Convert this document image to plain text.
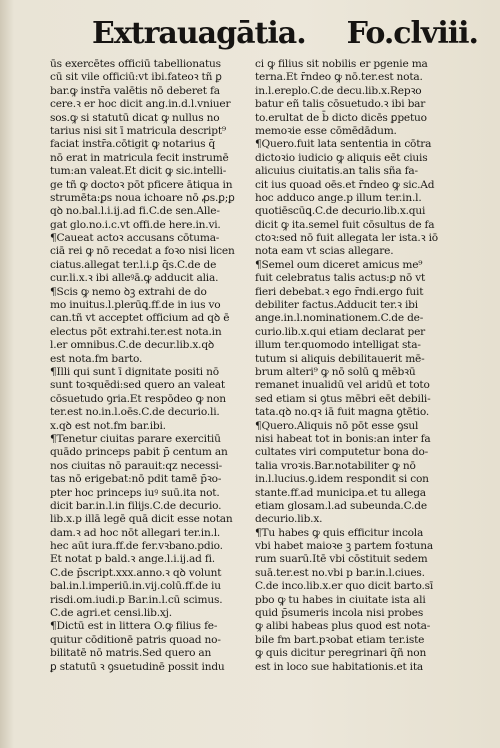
Extrauagātia. Fo.clviii.
ūs exercētes officiū tabellionatus
cū sit vile officiū:vt ibi.fateoꝛ tñ ꝑ
bar.ꝙ instr̄a valētis nō deberet fa
cere.ꝛ er hoc dicit ang.in.d.l.vniuer
sos.ꝙ si statutū dicat ꝙ nullus no
tarius nisi sit ī matricula descript⁹
faciat instr̄a.cōtigit ꝙ notarius q̄
nō erat in matricula fecit instrumē
tum:an valeat.Et dicit ꝙ sic.intelli-
ge tñ ꝙ doctoꝛ pōt pficere ātiqua in
strumēta:ꝑs noua ichoare nō ꝓs.ꝑ;ꝑ
qꝺ no.bal.l.i.ij.ad fi.C.de sen.Alle-
gat glo.no.i.c.vt offi.de here.in.vi.
¶Caueat actoꝛ accusans cōtuma-
ciā rei ꝙ nō recedat a foꝛo nisi licen
ciatus.allegat ter.l.i.ꝑ q̄s.C.de de
cur.li.x.ꝛ ibi alleꝰā.ꝙ adducit alia.
¶Scis ꝙ nemo ꝺꝫ extrahi de do
mo inuitus.l.plerūꝗ.ff.de in ius vo
can.tñ vt acceptet officium ad qꝺ ē
electus pōt extrahi.ter.est nota.in
l.er omnibus.C.de decur.lib.x.qꝺ
est nota.fm barto.
¶Illi qui sunt ī dignitate positi nō
sunt toꝛquēdi:sed quero an valeat
cōsuetudo ꝯria.Et respōdeo ꝙ non
ter.est no.in.l.oēs.C.de decurio.li.
x.qꝺ est not.fm bar.ibi.
¶Tenetur ciuitas parare exercitiū
quādo princeps pabit p̄ centum an
nos ciuitas nō parauit:qz necessi-
tas nō erigebat:nō pdit tamē p̄ꝛo-
pter hoc princeps iuꝰ suū.ita not.
dicit bar.in.l.in filijs.C.de decurio.
lib.x.p illā legē quā dicit esse notan
dam.ꝛ ad hoc nōt allegari ter.in.l.
hec aūt iura.ff.de fer.vꝛbano.pdio.
Et notat p bald.ꝛ ange.l.i.ij.ad fi.
C.de p̄script.xxx.anno.ꝛ qꝺ volunt
bal.in.l.imperiū.in.vij.colū.ff.de iu
risdi.om.iudi.p Bar.in.l.cū scimus.
C.de agri.et censi.lib.xj.
¶Dictū est in littera O.ꝙ filius fe-
quitur cōditionē patris quoad no-
bilitatē nō matris.Sed quero an
ꝑ statutū ꝛ ꝯsuetudinē possit indu
ci ꝙ filius sit nobilis er pgenie ma
terna.Et r̄ndeo ꝙ nō.ter.est nota.
in.l.ereplo.C.de decu.lib.x.Repꝛo
batur eñ talis cōsuetudo.ꝛ ibi bar
to.erultat de b̄ dicto dicēs ꝑpetuo
memoꝛie esse cōmēdādum.
¶Quero.fuit lata sententia in cōtra
dictoꝛio iudicio ꝙ aliquis eēt ciuis
alicuius ciuitatis.an talis sña fa-
cit ius quoad oēs.et r̄ndeo ꝙ sic.Ad
hoc adduco ange.p illum ter.in.l.
quotiēscūꝗ.C.de decurio.lib.x.qui
dicit ꝙ ita.semel fuit cōsultus de fa
ctoꝛ:sed nō fuit allegata ler ista.ꝛ iō
nota eam vt scias allegare.
¶Semel oum diceret amicus me⁹
fuit celebratus talis actus:ꝑ nō vt
fieri debebat.ꝛ ego r̄ndi.ergo fuit
debiliter factus.Adducit ter.ꝛ ibi
ange.in.l.nominationem.C.de de-
curio.lib.x.qui etiam declarat per
illum ter.quomodo intelligat sta-
tutum si aliquis debilitauerit mē-
brum alteri⁹ ꝙ nō solū ꝗ mēbꝛū
remanet inualidū vel aridū et toto
sed etiam si ꝯtus mēbri eēt debili-
tata.qꝺ no.qꝛ iā fuit magna ꝯtētio.
¶Quero.Aliquis nō pōt esse ꝯsul
nisi habeat tot in bonis:an inter fa
cultates viri computetur bona do-
talia vroꝛis.Bar.notabiliter ꝙ nō
in.l.lucius.ꝯ.idem respondit si con
stante.ff.ad municipa.et tu allega
etiam glosam.l.ad subeunda.C.de
decurio.lib.x.
¶Tu habes ꝙ quis efficitur incola
vbi habet maioꝛe ꝫ partem foꝛtuna
rum suarū.Itē vbi cōstituit sedem
suā.ter.est no.vbi p bar.in.l.ciues.
C.de inco.lib.x.er quo dicit barto.sī
pbo ꝙ tu habes in ciuitate ista ali
quid p̄sumeris incola nisi probes
ꝙ alibi habeas plus quod est nota-
bile fm bart.pꝛobat etiam ter.iste
ꝙ quis dicitur peregrinari q̄ñ non
est in loco sue habitationis.et ita
